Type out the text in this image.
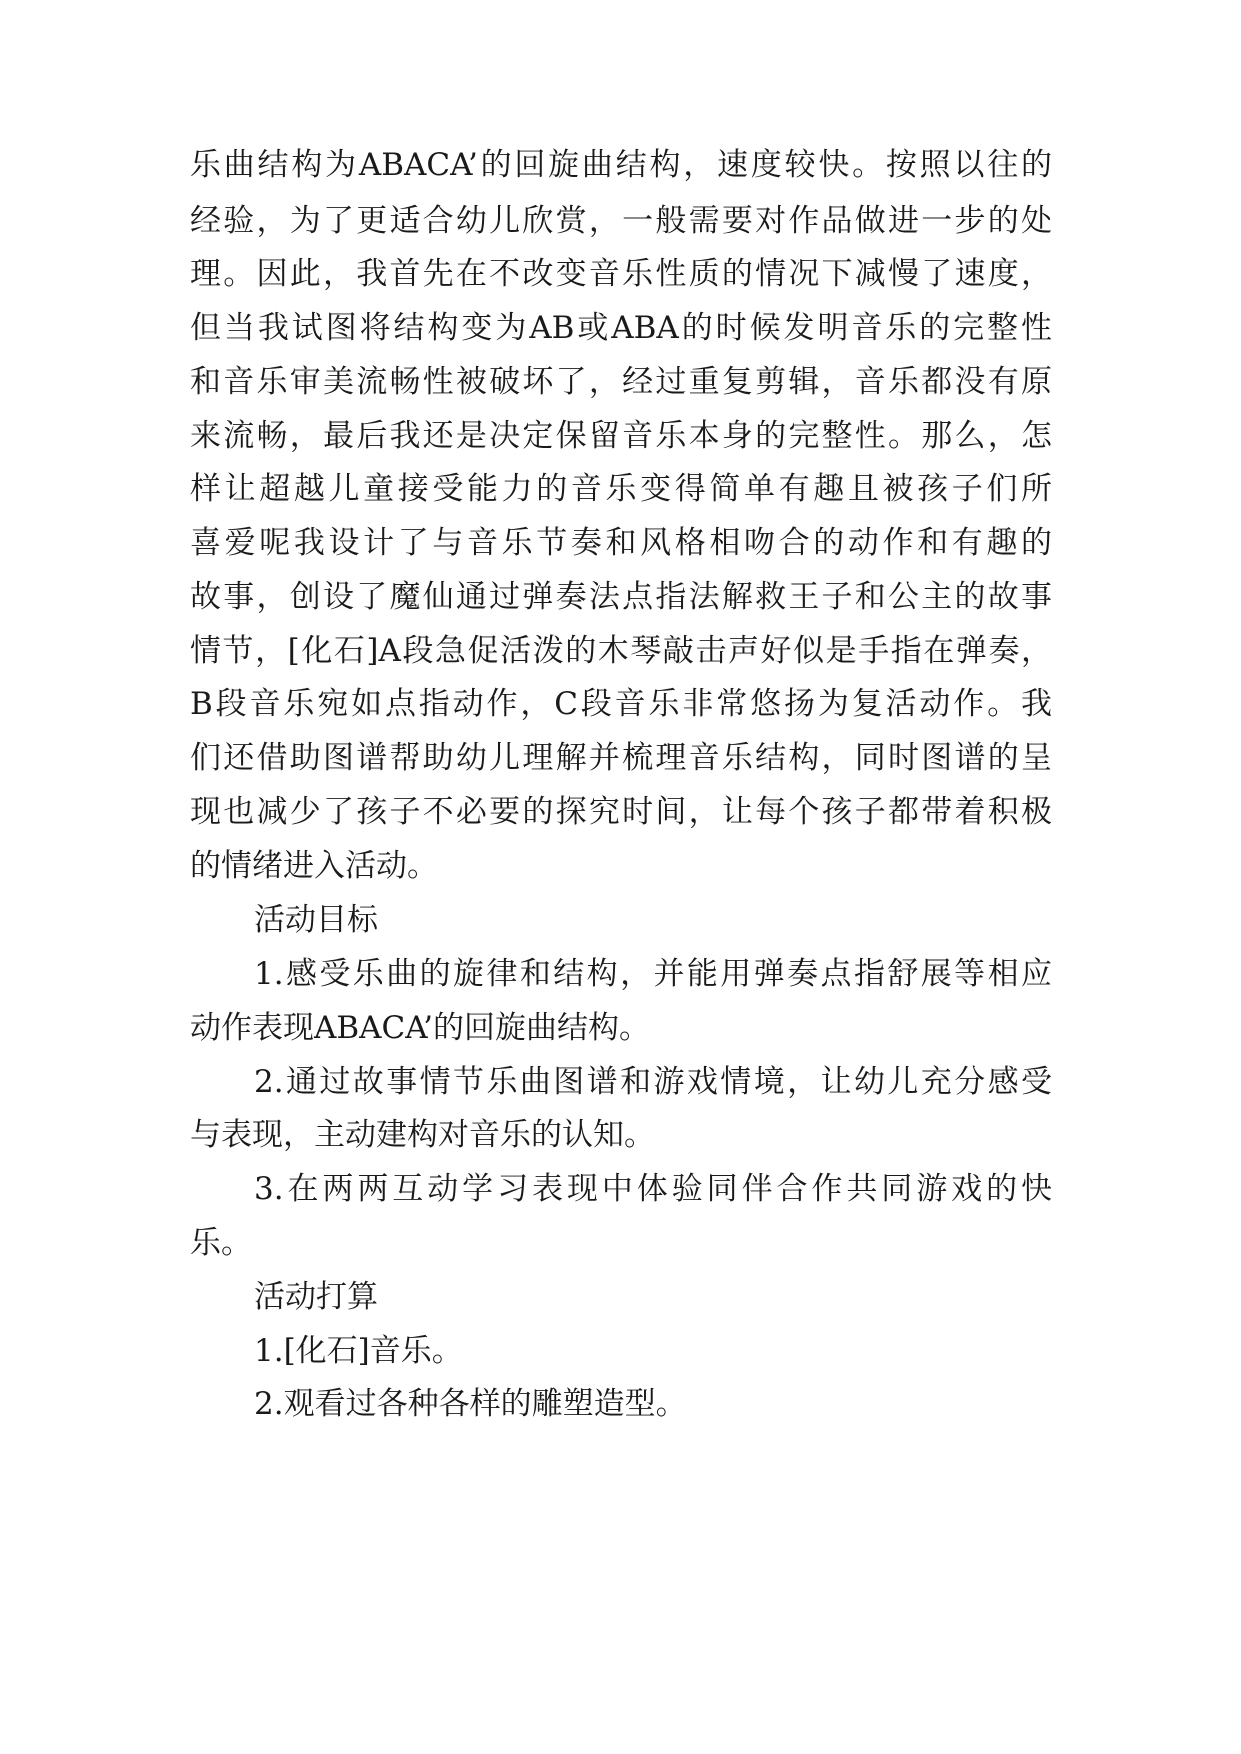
乐曲结构为ABACA’的回旋曲结构，速度较快。按照以往的
经验，为了更适合幼儿欣赏，一般需要对作品做进一步的处
理。因此，我首先在不改变音乐性质的情况下减慢了速度，
但当我试图将结构变为AB或ABA的时候发明音乐的完整性
和音乐审美流畅性被破坏了，经过重复剪辑，音乐都没有原
来流畅，最后我还是决定保留音乐本身的完整性。那么，怎
样让超越儿童接受能力的音乐变得简单有趣且被孩子们所
喜爱呢我设计了与音乐节奏和风格相吻合的动作和有趣的
故事，创设了魔仙通过弹奏法点指法解救王子和公主的故事
情节，[化石]A段急促活泼的木琴敲击声好似是手指在弹奏，
B段音乐宛如点指动作，C段音乐非常悠扬为复活动作。我
们还借助图谱帮助幼儿理解并梳理音乐结构，同时图谱的呈
现也减少了孩子不必要的探究时间，让每个孩子都带着积极
的情绪进入活动。
活动目标
1.感受乐曲的旋律和结构，并能用弹奏点指舒展等相应
动作表现ABACA’的回旋曲结构。
2.通过故事情节乐曲图谱和游戏情境，让幼儿充分感受
与表现，主动建构对音乐的认知。
3.在两两互动学习表现中体验同伴合作共同游戏的快
乐。
活动打算
1.[化石]音乐。
2.观看过各种各样的雕塑造型。
